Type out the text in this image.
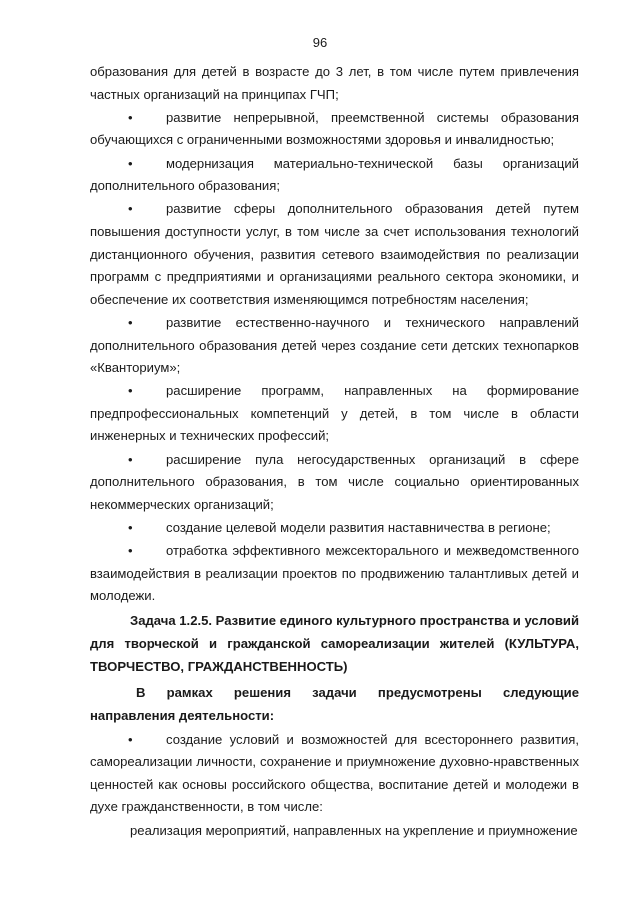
96

образования для детей в возрасте до 3 лет, в том числе путем привлечения частных организаций на принципах ГЧП;

•	развитие непрерывной, преемственной системы образования обучающихся с ограниченными возможностями здоровья и инвалидностью;

•	модернизация материально-технической базы организаций дополнительного образования;

•	развитие сферы дополнительного образования детей путем повышения доступности услуг, в том числе за счет использования технологий дистанционного обучения, развития сетевого взаимодействия по реализации программ с предприятиями и организациями реального сектора экономики, и обеспечение их соответствия изменяющимся потребностям населения;

•	развитие естественно-научного и технического направлений дополнительного образования детей через создание сети детских технопарков «Кванториум»;

•	расширение программ, направленных на формирование предпрофессиональных компетенций у детей, в том числе в области инженерных и технических профессий;

•	расширение пула негосударственных организаций в сфере дополнительного образования, в том числе социально ориентированных некоммерческих организаций;

•	создание целевой модели развития наставничества в регионе;

•	отработка эффективного межсекторального и межведомственного взаимодействия в реализации проектов по продвижению талантливых детей и молодежи.

Задача 1.2.5. Развитие единого культурного пространства и условий для творческой и гражданской самореализации жителей (КУЛЬТУРА, ТВОРЧЕСТВО, ГРАЖДАНСТВЕННОСТЬ)

В рамках решения задачи предусмотрены следующие направления деятельности:

•	создание условий и возможностей для всестороннего развития, самореализации личности, сохранение и приумножение духовно-нравственных ценностей как основы российского общества, воспитание детей и молодежи в духе гражданственности, в том числе:

реализация мероприятий, направленных на укрепление и приумножение
